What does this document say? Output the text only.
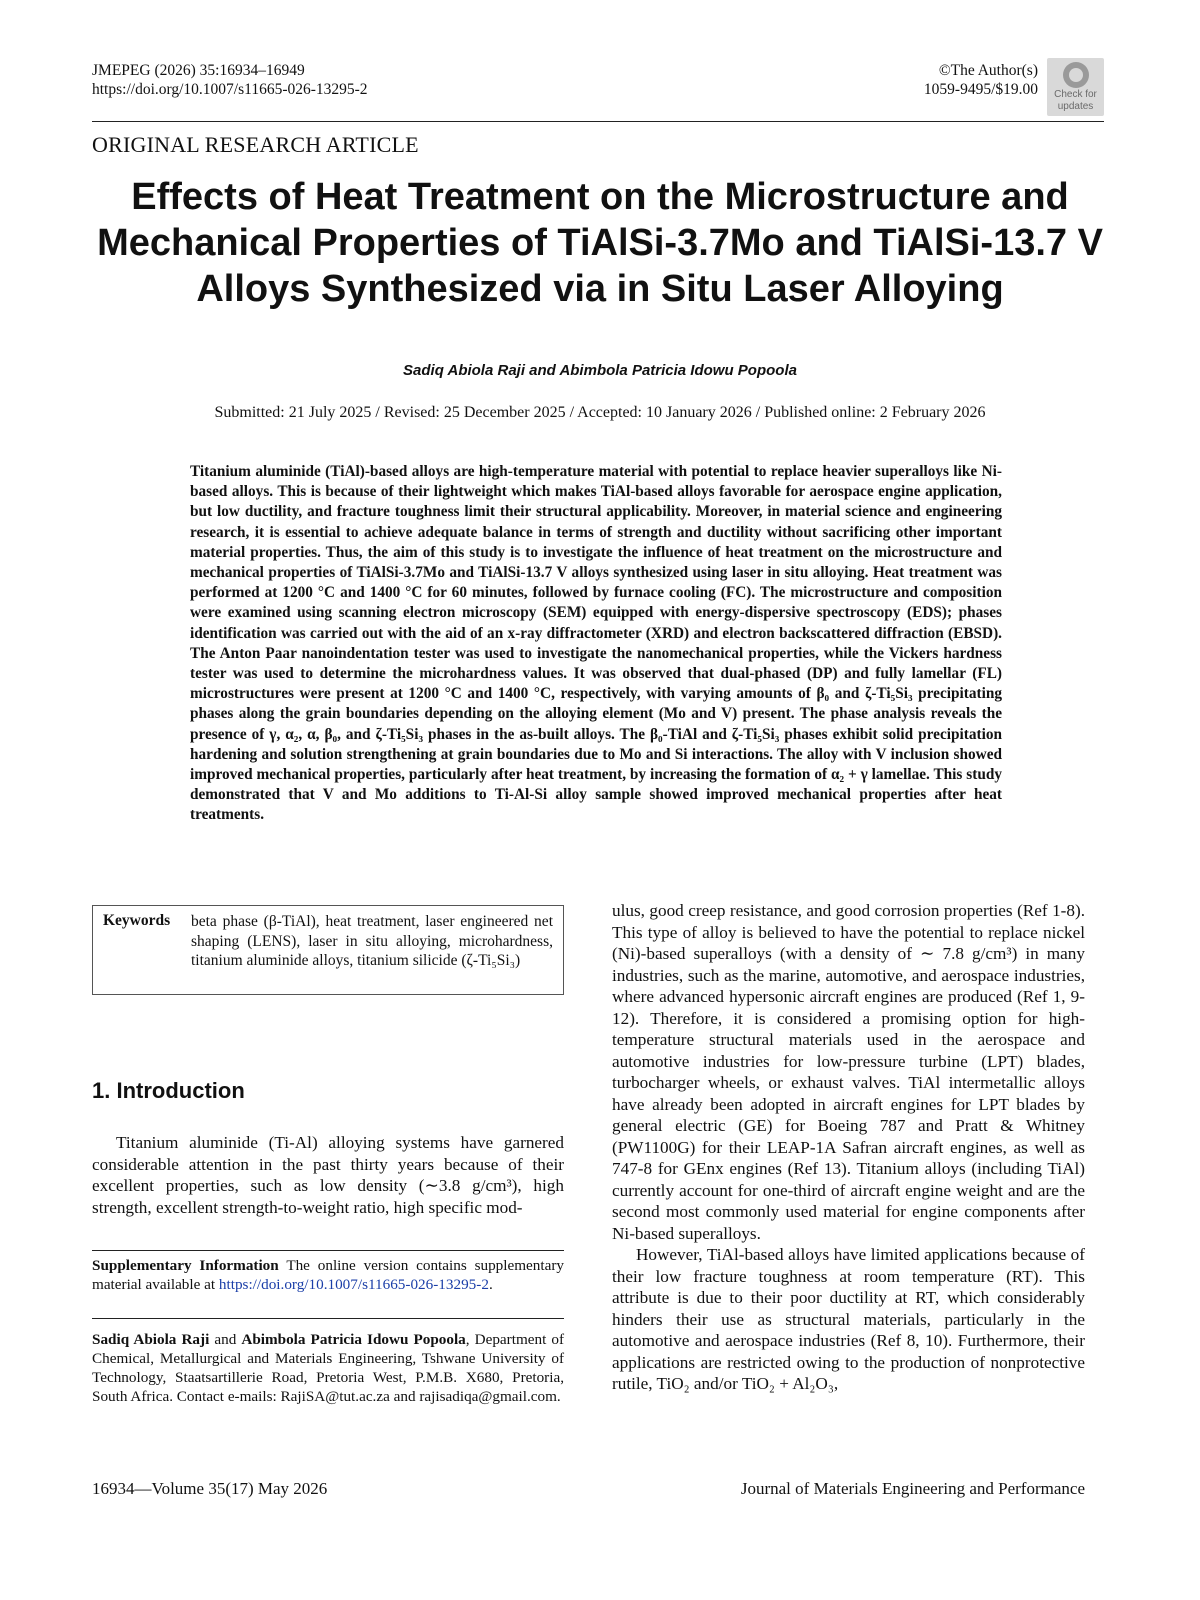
JMEPEG (2026) 35:16934–16949
https://doi.org/10.1007/s11665-026-13295-2
©The Author(s)
1059-9495/$19.00 Check for
updates
ORIGINAL RESEARCH ARTICLE
Effects of Heat Treatment on the Microstructure and Mechanical Properties of TiAlSi-3.7Mo and TiAlSi-13.7 V Alloys Synthesized via in Situ Laser Alloying
Sadiq Abiola Raji and Abimbola Patricia Idowu Popoola
Submitted: 21 July 2025 / Revised: 25 December 2025 / Accepted: 10 January 2026 / Published online: 2 February 2026

Titanium aluminide (TiAl)-based alloys are high-temperature material with potential to replace heavier superalloys like Ni-based alloys. This is because of their lightweight which makes TiAl-based alloys favorable for aerospace engine application, but low ductility, and fracture toughness limit their structural applicability. Moreover, in material science and engineering research, it is essential to achieve adequate balance in terms of strength and ductility without sacrificing other important material properties. Thus, the aim of this study is to investigate the influence of heat treatment on the microstructure and mechanical properties of TiAlSi-3.7Mo and TiAlSi-13.7 V alloys synthesized using laser in situ alloying. Heat treatment was performed at 1200 °C and 1400 °C for 60 minutes, followed by furnace cooling (FC). The microstructure and composition were examined using scanning electron microscopy (SEM) equipped with energy-dispersive spectroscopy (EDS); phases identification was carried out with the aid of an x-ray diffractometer (XRD) and electron backscattered diffraction (EBSD). The Anton Paar nanoindentation tester was used to investigate the nanomechanical properties, while the Vickers hardness tester was used to determine the microhardness values. It was observed that dual-phased (DP) and fully lamellar (FL) microstructures were present at 1200 °C and 1400 °C, respectively, with varying amounts of β₀ and ζ-Ti₅Si₃ precipitating phases along the grain boundaries depending on the alloying element (Mo and V) present. The phase analysis reveals the presence of γ, α₂, α, β₀, and ζ-Ti₅Si₃ phases in the as-built alloys. The β₀-TiAl and ζ-Ti₅Si₃ phases exhibit solid precipitation hardening and solution strengthening at grain boundaries due to Mo and Si interactions. The alloy with V inclusion showed improved mechanical properties, particularly after heat treatment, by increasing the formation of α₂ + γ lamellae. This study demonstrated that V and Mo additions to Ti-Al-Si alloy sample showed improved mechanical properties after heat treatments.

Keywords beta phase (β-TiAl), heat treatment, laser engineered net shaping (LENS), laser in situ alloying, microhardness, titanium aluminide alloys, titanium silicide (ζ-Ti₅Si₃)

1. Introduction

Titanium aluminide (Ti-Al) alloying systems have garnered considerable attention in the past thirty years because of their excellent properties, such as low density (∼3.8 g/cm³), high strength, excellent strength-to-weight ratio, high specific mod-

ulus, good creep resistance, and good corrosion properties (Ref 1-8). This type of alloy is believed to have the potential to replace nickel (Ni)-based superalloys (with a density of ∼ 7.8 g/cm³) in many industries, such as the marine, automotive, and aerospace industries, where advanced hypersonic aircraft engines are produced (Ref 1, 9-12). Therefore, it is considered a promising option for high-temperature structural materials used in the aerospace and automotive industries for low-pressure turbine (LPT) blades, turbocharger wheels, or exhaust valves. TiAl intermetallic alloys have already been adopted in aircraft engines for LPT blades by general electric (GE) for Boeing 787 and Pratt & Whitney (PW1100G) for their LEAP-1A Safran aircraft engines, as well as 747-8 for GEnx engines (Ref 13). Titanium alloys (including TiAl) currently account for one-third of aircraft engine weight and are the second most commonly used material for engine components after Ni-based superalloys.

However, TiAl-based alloys have limited applications because of their low fracture toughness at room temperature (RT). This attribute is due to their poor ductility at RT, which considerably hinders their use as structural materials, particularly in the automotive and aerospace industries (Ref 8, 10). Furthermore, their applications are restricted owing to the production of nonprotective rutile, TiO₂ and/or TiO₂ + Al₂O₃,

Supplementary Information The online version contains supplementary material available at https://doi.org/10.1007/s11665-026-13295-2.

Sadiq Abiola Raji and Abimbola Patricia Idowu Popoola, Department of Chemical, Metallurgical and Materials Engineering, Tshwane University of Technology, Staatsartillerie Road, Pretoria West, P.M.B. X680, Pretoria, South Africa. Contact e-mails: RajiSA@tut.ac.za and rajisadiqa@gmail.com.

16934—Volume 35(17) May 2026	Journal of Materials Engineering and Performance
